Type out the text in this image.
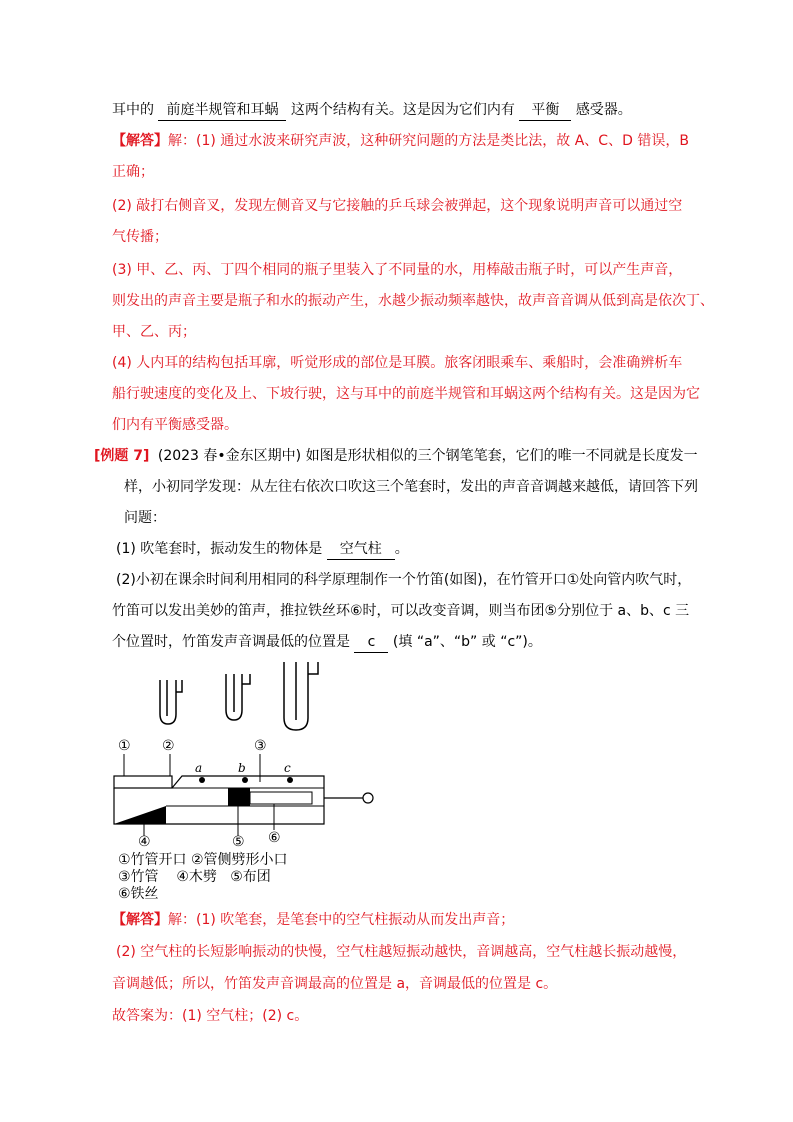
耳中的 前庭半规管和耳蜗 这两个结构有关。这是因为它们内有 平衡 感受器。
【解答】解：(1) 通过水波来研究声波，这种研究问题的方法是类比法，故 A、C、D 错误，B
正确；
(2) 敲打右侧音叉，发现左侧音叉与它接触的乒乓球会被弹起，这个现象说明声音可以通过空
气传播；
(3) 甲、乙、丙、丁四个相同的瓶子里装入了不同量的水，用棒敲击瓶子时，可以产生声音，
则发出的声音主要是瓶子和水的振动产生，水越少振动频率越快，故声音音调从低到高是依次丁、
甲、乙、丙；
(4) 人内耳的结构包括耳廓，听觉形成的部位是耳膜。旅客闭眼乘车、乘船时，会准确辨析车
船行驶速度的变化及上、下坡行驶，这与耳中的前庭半规管和耳蜗这两个结构有关。这是因为它
们内有平衡感受器。
[例题 7] (2023 春•金东区期中) 如图是形状相似的三个钢笔笔套，它们的唯一不同就是长度发一
样，小初同学发现：从左往右依次口吹这三个笔套时，发出的声音音调越来越低，请回答下列
问题：
(1) 吹笔套时，振动发生的物体是 空气柱 。
(2)小初在课余时间利用相同的科学原理制作一个竹笛(如图)，在竹管开口①处向管内吹气时，
竹笛可以发出美妙的笛声，推拉铁丝环⑥时，可以改变音调，则当布团⑤分别位于 a、b、c 三
个位置时，竹笛发声音调最低的位置是 c (填 “a”、“b” 或 “c”)。
① ②	③
a	b	c
④	⑤ ⑥
①竹管开口 ②管侧劈形小口
③竹管    ④木劈   ⑤布团
⑥铁丝
【解答】解：(1) 吹笔套，是笔套中的空气柱振动从而发出声音；
(2) 空气柱的长短影响振动的快慢，空气柱越短振动越快，音调越高，空气柱越长振动越慢，
音调越低；所以，竹笛发声音调最高的位置是 a，音调最低的位置是 c。
故答案为：(1) 空气柱；(2) c。
